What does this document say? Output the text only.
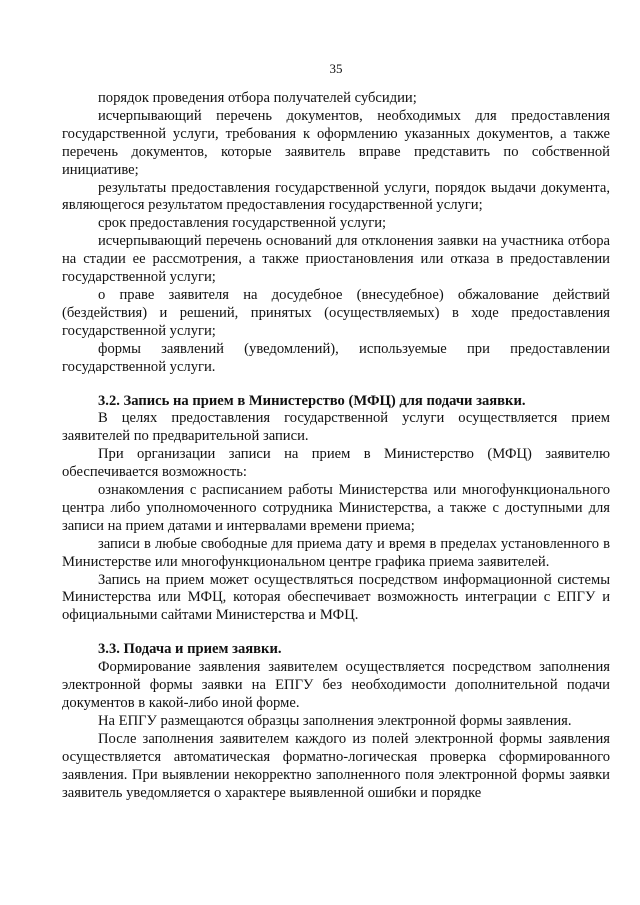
35

порядок проведения отбора получателей субсидии;

исчерпывающий перечень документов, необходимых для предоставления государственной услуги, требования к оформлению указанных документов, а также перечень документов, которые заявитель вправе представить по собственной инициативе;

результаты предоставления государственной услуги, порядок выдачи документа, являющегося результатом предоставления государственной услуги;

срок предоставления государственной услуги;

исчерпывающий перечень оснований для отклонения заявки на участника отбора на стадии ее рассмотрения, а также приостановления или отказа в предоставлении государственной услуги;

о праве заявителя на досудебное (внесудебное) обжалование действий (бездействия) и решений, принятых (осуществляемых) в ходе предоставления государственной услуги;

формы заявлений (уведомлений), используемые при предоставлении государственной услуги.

3.2. Запись на прием в Министерство (МФЦ) для подачи заявки.

В целях предоставления государственной услуги осуществляется прием заявителей по предварительной записи.

При организации записи на прием в Министерство (МФЦ) заявителю обеспечивается возможность:

ознакомления с расписанием работы Министерства или многофункционального центра либо уполномоченного сотрудника Министерства, а также с доступными для записи на прием датами и интервалами времени приема;

записи в любые свободные для приема дату и время в пределах установленного в Министерстве или многофункциональном центре графика приема заявителей.

Запись на прием может осуществляться посредством информационной системы Министерства или МФЦ, которая обеспечивает возможность интеграции с ЕПГУ и официальными сайтами Министерства и МФЦ.

3.3. Подача и прием заявки.

Формирование заявления заявителем осуществляется посредством заполнения электронной формы заявки на ЕПГУ без необходимости дополнительной подачи документов в какой-либо иной форме.

На ЕПГУ размещаются образцы заполнения электронной формы заявления.

После заполнения заявителем каждого из полей электронной формы заявления осуществляется автоматическая форматно-логическая проверка сформированного заявления. При выявлении некорректно заполненного поля электронной формы заявки заявитель уведомляется о характере выявленной ошибки и порядке
